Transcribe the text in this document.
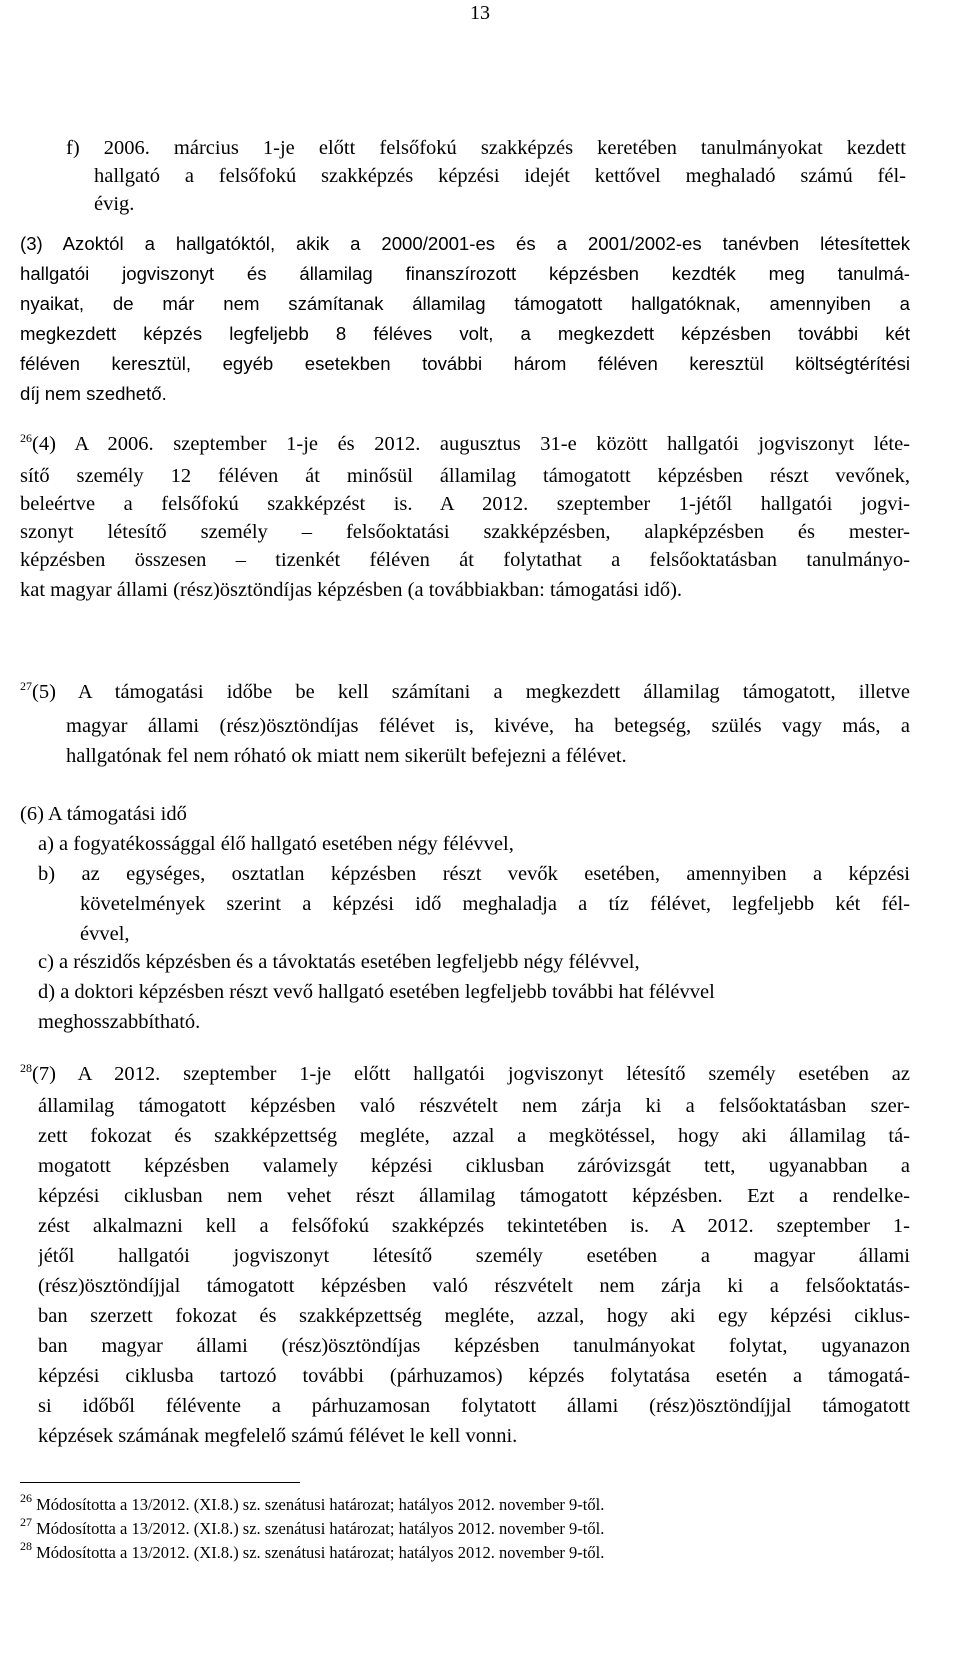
13
f) 2006. március 1-je előtt felsőfokú szakképzés keretében tanulmányokat kezdett
hallgató a felsőfokú szakképzés képzési idejét kettővel meghaladó számú fél-
évig.
(3) Azoktól a hallgatóktól, akik a 2000/2001-es és a 2001/2002-es tanévben létesítettek
hallgatói jogviszonyt és államilag finanszírozott képzésben kezdték meg tanulmá-
nyaikat, de már nem számítanak államilag támogatott hallgatóknak, amennyiben a
megkezdett képzés legfeljebb 8 féléves volt, a megkezdett képzésben további két
féléven keresztül, egyéb esetekben további három féléven keresztül költségtérítési
díj nem szedhető.
$^{26}$(4) A 2006. szeptember 1-je és 2012. augusztus 31-e között hallgatói jogviszonyt léte-
sítő személy 12 féléven át minősül államilag támogatott képzésben részt vevőnek,
beleértve a felsőfokú szakképzést is. A 2012. szeptember 1-jétől hallgatói jogvi-
szonyt létesítő személy – felsőoktatási szakképzésben, alapképzésben és mester-
képzésben összesen – tizenkét féléven át folytathat a felsőoktatásban tanulmányo-
kat magyar állami (rész)ösztöndíjas képzésben (a továbbiakban: támogatási idő).
$^{27}$(5) A támogatási időbe be kell számítani a megkezdett államilag támogatott, illetve
magyar állami (rész)ösztöndíjas félévet is, kivéve, ha betegség, szülés vagy más, a
hallgatónak fel nem róható ok miatt nem sikerült befejezni a félévet.
(6) A támogatási idő
a) a fogyatékossággal élő hallgató esetében négy félévvel,
b) az egységes, osztatlan képzésben részt vevők esetében, amennyiben a képzési
követelmények szerint a képzési idő meghaladja a tíz félévet, legfeljebb két fél-
évvel,
c) a részidős képzésben és a távoktatás esetében legfeljebb négy félévvel,
d) a doktori képzésben részt vevő hallgató esetében legfeljebb további hat félévvel
meghosszabbítható.
$^{28}$(7) A 2012. szeptember 1-je előtt hallgatói jogviszonyt létesítő személy esetében az
államilag támogatott képzésben való részvételt nem zárja ki a felsőoktatásban szer-
zett fokozat és szakképzettség megléte, azzal a megkötéssel, hogy aki államilag tá-
mogatott képzésben valamely képzési ciklusban záróvizsgát tett, ugyanabban a
képzési ciklusban nem vehet részt államilag támogatott képzésben. Ezt a rendelke-
zést alkalmazni kell a felsőfokú szakképzés tekintetében is. A 2012. szeptember 1-
jétől hallgatói jogviszonyt létesítő személy esetében a magyar állami
(rész)ösztöndíjjal támogatott képzésben való részvételt nem zárja ki a felsőoktatás-
ban szerzett fokozat és szakképzettség megléte, azzal, hogy aki egy képzési ciklus-
ban magyar állami (rész)ösztöndíjas képzésben tanulmányokat folytat, ugyanazon
képzési ciklusba tartozó további (párhuzamos) képzés folytatása esetén a támogatá-
si időből félévente a párhuzamosan folytatott állami (rész)ösztöndíjjal támogatott
képzések számának megfelelő számú félévet le kell vonni.
$^{26}$ Módosította a 13/2012. (XI.8.) sz. szenátusi határozat; hatályos 2012. november 9-től.
$^{27}$ Módosította a 13/2012. (XI.8.) sz. szenátusi határozat; hatályos 2012. november 9-től.
$^{28}$ Módosította a 13/2012. (XI.8.) sz. szenátusi határozat; hatályos 2012. november 9-től.
